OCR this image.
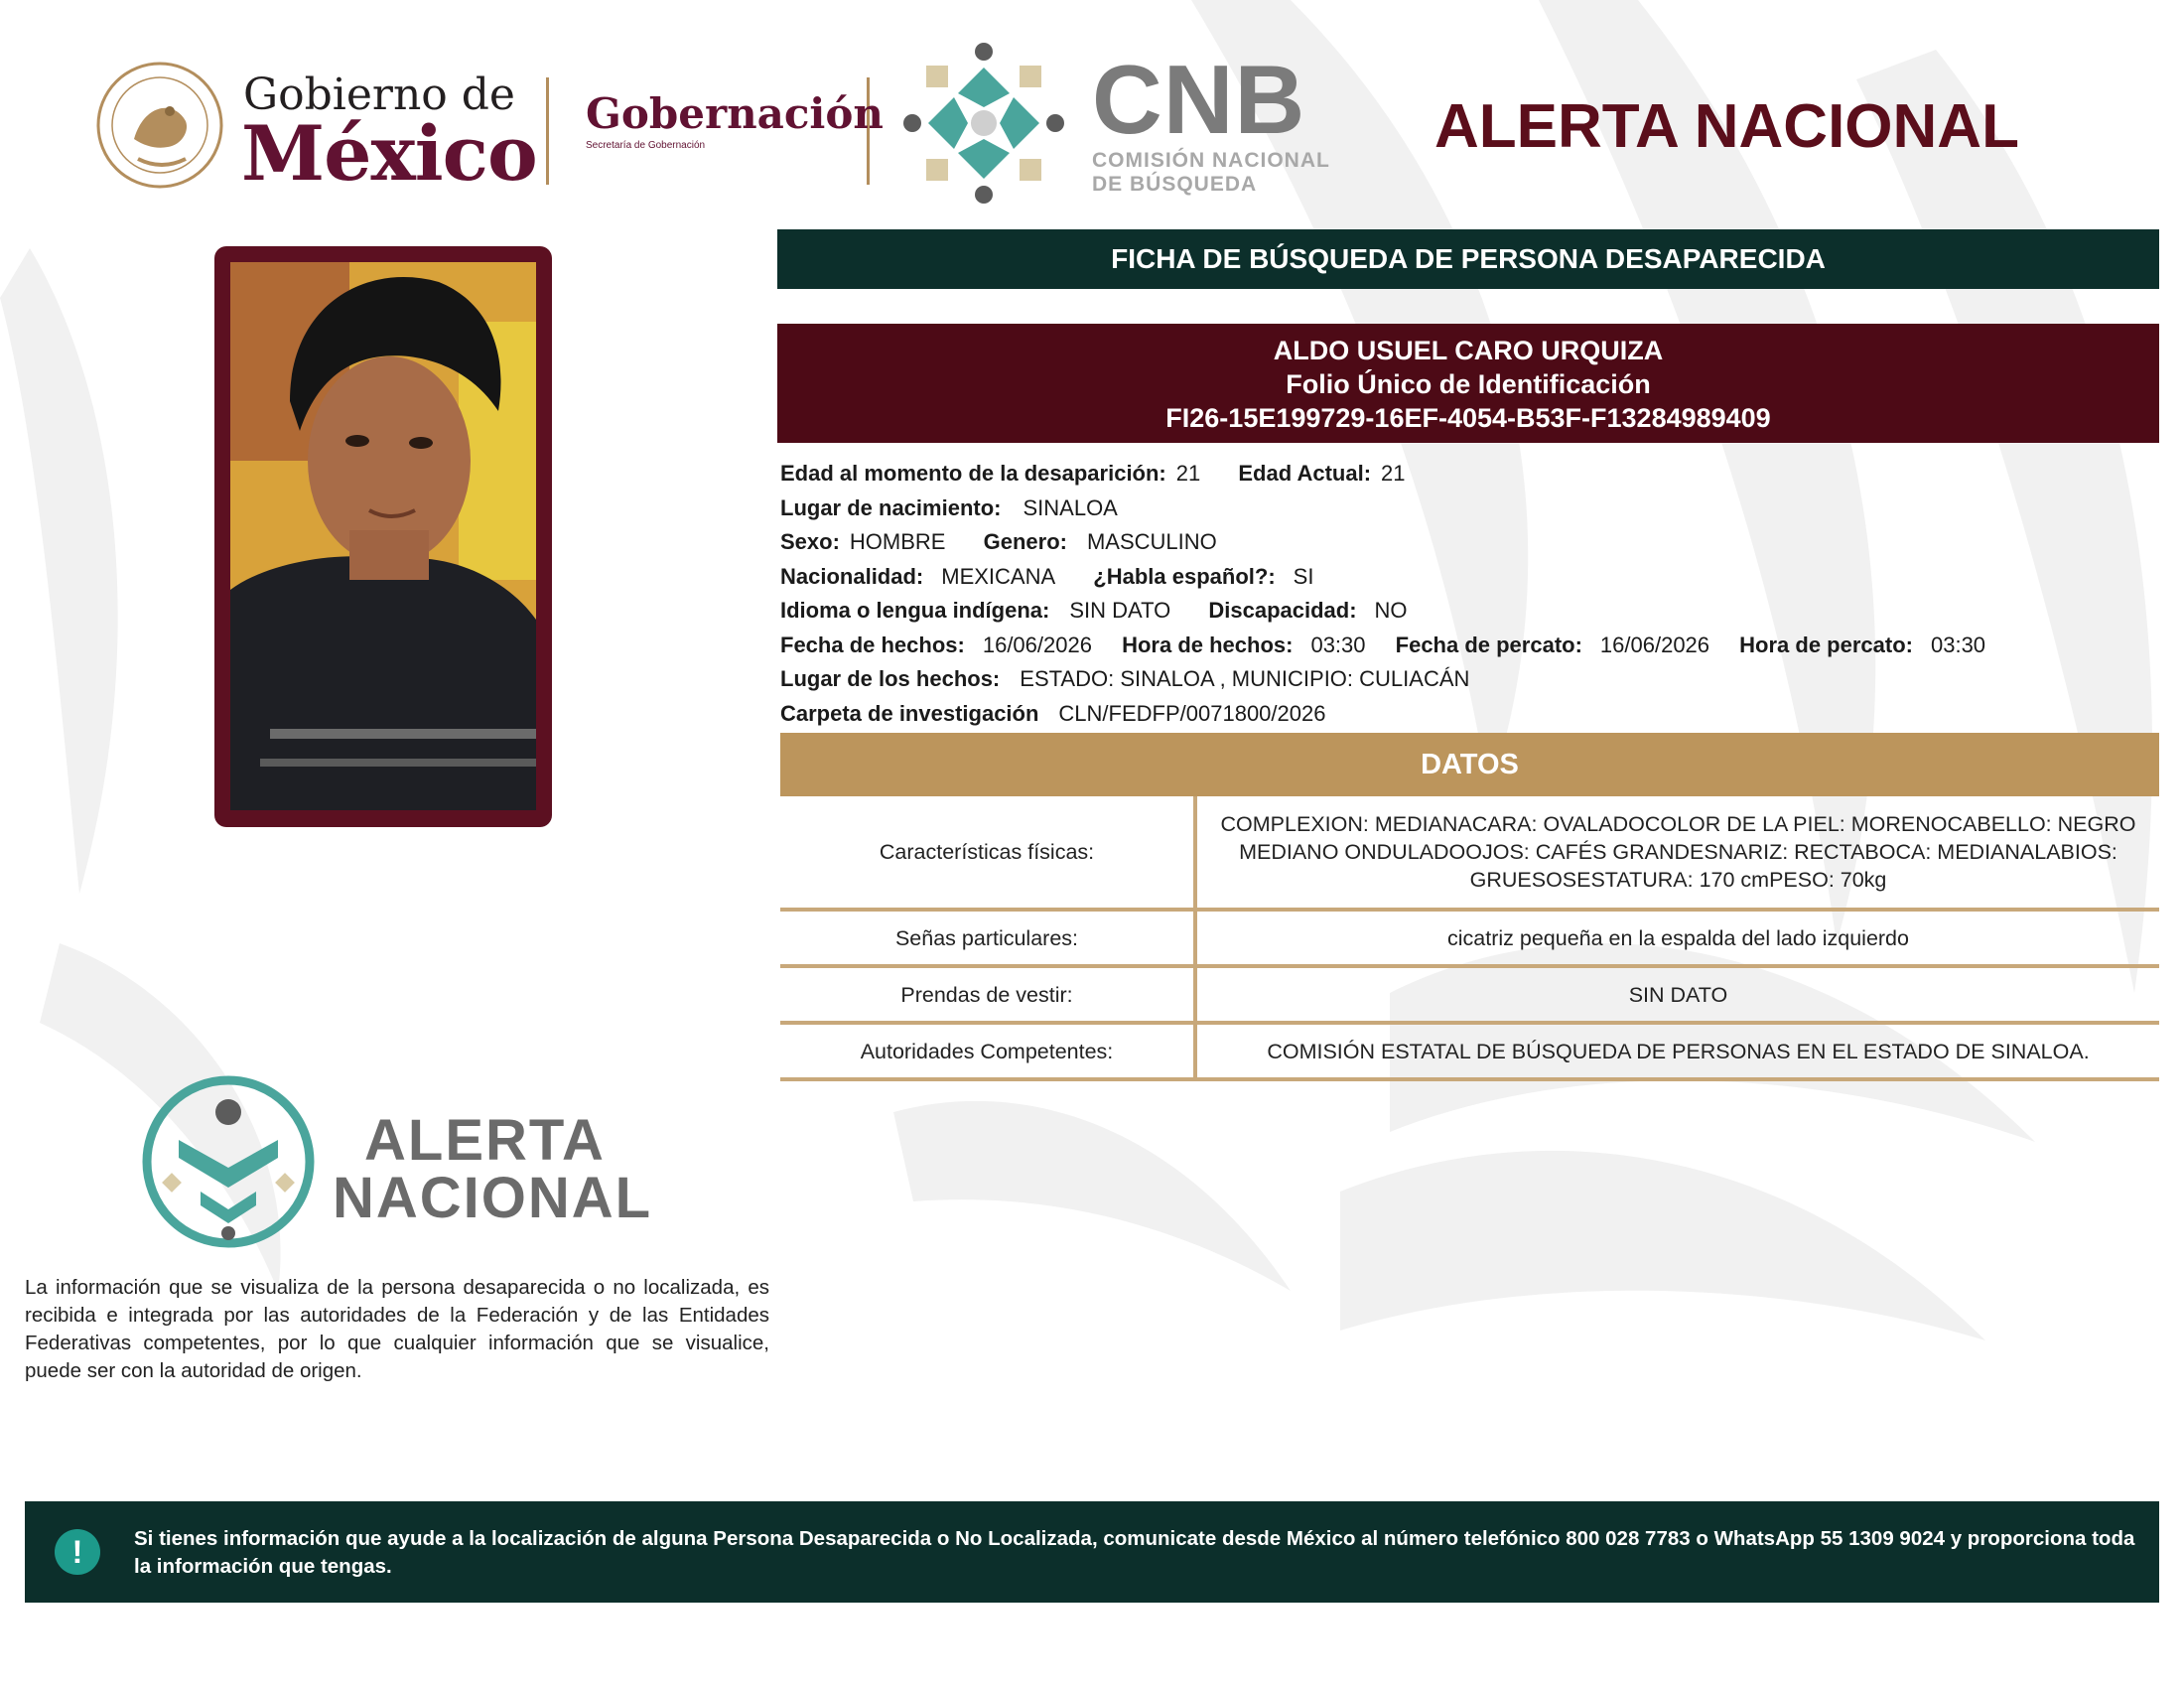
Gobierno de
México Gobernación
Secretaría de Gobernación	CNB
COMISIÓN NACIONAL
DE BÚSQUEDA
ALERTA NACIONAL
FICHA DE BÚSQUEDA DE PERSONA DESAPARECIDA
ALDO USUEL CARO URQUIZA
Folio Único de Identificación
FI26-15E199729-16EF-4054-B53F-F13284989409
Edad al momento de la desaparición: 21 Edad Actual: 21
Lugar de nacimiento: SINALOA
Sexo: HOMBRE Genero: MASCULINO
Nacionalidad: MEXICANA ¿Habla español?: SI
Idioma o lengua indígena: SIN DATO Discapacidad: NO
Fecha de hechos: 16/06/2026 Hora de hechos: 03:30 Fecha de percato: 16/06/2026 Hora de percato: 03:30
Lugar de los hechos: ESTADO: SINALOA , MUNICIPIO: CULIACÁN
Carpeta de investigación CLN/FEDFP/0071800/2026
DATOS
Características físicas:	COMPLEXION: MEDIANACARA: OVALADOCOLOR DE LA PIEL: MORENOCABELLO: NEGRO MEDIANO ONDULADOOJOS: CAFÉS GRANDESNARIZ: RECTABOCA: MEDIANALABIOS: GRUESOSESTATURA: 170 cmPESO: 70kg
Señas particulares:	cicatriz pequeña en la espalda del lado izquierdo
Prendas de vestir:	SIN DATO
Autoridades Competentes:	COMISIÓN ESTATAL DE BÚSQUEDA DE PERSONAS EN EL ESTADO DE SINALOA.
ALERTA
NACIONAL
La información que se visualiza de la persona desaparecida o no localizada, es recibida e integrada por las autoridades de la Federación y de las Entidades Federativas competentes, por lo que cualquier información que se visualice, puede ser con la autoridad de origen.
!	Si tienes información que ayude a la localización de alguna Persona Desaparecida o No Localizada, comunicate desde México al número telefónico 800 028 7783 o WhatsApp 55 1309 9024 y proporciona toda la información que tengas.
